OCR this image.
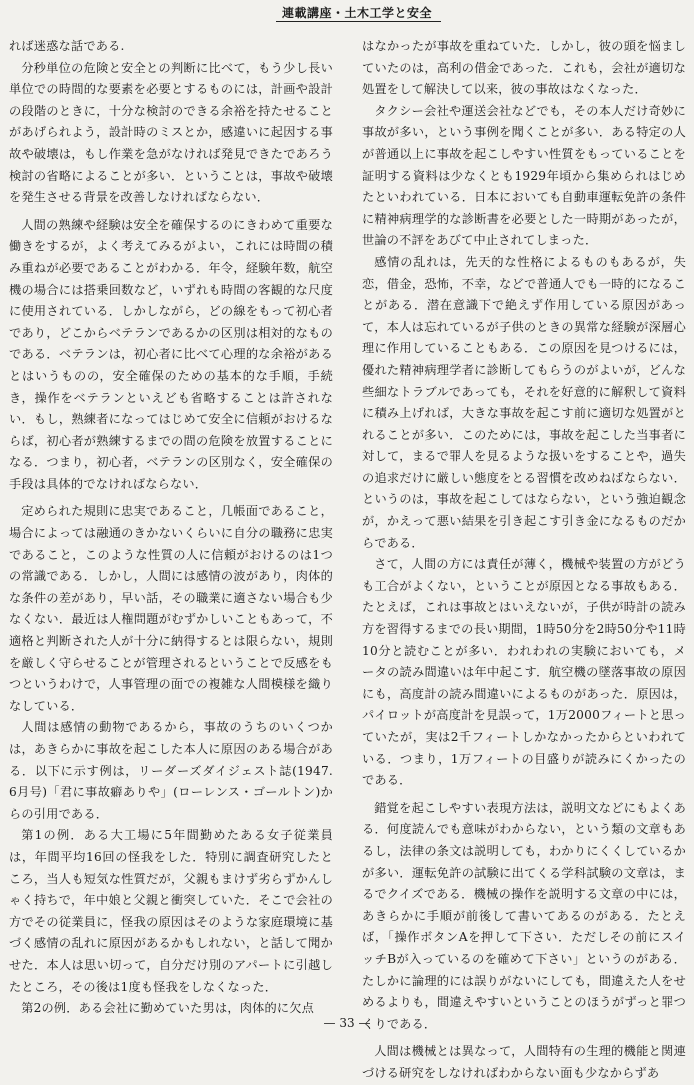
連載講座・土木工学と安全

れば迷惑な話である.

分秒単位の危険と安全との判断に比べて，もう少し長い単位での時間的な要素を必要とするものには，計画や設計の段階のときに，十分な検討のできる余裕を持たせることがあげられよう，設計時のミスとか，感違いに起因する事故や破壊は，もし作業を急がなければ発見できたであろう検討の省略によることが多い．ということは，事故や破壊を発生させる背景を改善しなければならない．

人間の熟練や経験は安全を確保するのにきわめて重要な働きをするが，よく考えてみるがよい，これには時間の積み重ねが必要であることがわかる．年令，経験年数，航空機の場合には搭乗回数など，いずれも時間の客観的な尺度に使用されている．しかしながら，どの線をもって初心者であり，どこからベテランであるかの区別は相対的なものである．ベテランは，初心者に比べて心理的な余裕があるとはいうものの，安全確保のための基本的な手順，手続き，操作をベテランといえども省略することは許されない．もし，熟練者になってはじめて安全に信頼がおけるならば，初心者が熟練するまでの間の危険を放置することになる．つまり，初心者，ベテランの区別なく，安全確保の手段は具体的でなければならない．

定められた規則に忠実であること，几帳面であること，場合によっては融通のきかないくらいに自分の職務に忠実であること，このような性質の人に信頼がおけるのは1つの常識である．しかし，人間には感情の波があり，肉体的な条件の差があり，早い話，その職業に適さない場合も少なくない．最近は人権問題がむずかしいこともあって，不適格と判断された人が十分に納得するとは限らない，規則を厳しく守らせることが管理されるということで反感をもつというわけで，人事管理の面での複雑な人間模様を織りなしている．

人間は感情の動物であるから，事故のうちのいくつかは，あきらかに事故を起こした本人に原因のある場合がある．以下に示す例は，リーダーズダイジェスト誌(1947. 6月号)「君に事故癖ありや」(ローレンス・ゴールトン)からの引用である．

第1の例．ある大工場に5年間勤めたある女子従業員は，年間平均16回の怪我をした．特別に調査研究したところ，当人も短気な性質だが，父親もまけず劣らずかんしゃく持ちで，年中娘と父親と衝突していた．そこで会社の方でその従業員に，怪我の原因はそのような家庭環境に基づく感情の乱れに原因があるかもしれない，と話して聞かせた．本人は思い切って，自分だけ別のアパートに引越したところ，その後は1度も怪我をしなくなった．

第2の例．ある会社に勤めていた男は，肉体的に欠点

はなかったが事故を重ねていた．しかし，彼の頭を悩ましていたのは，高利の借金であった．これも，会社が適切な処置をして解決して以来，彼の事故はなくなった．

タクシー会社や運送会社などでも，その本人だけ奇妙に事故が多い，という事例を聞くことが多い．ある特定の人が普通以上に事故を起こしやすい性質をもっていることを証明する資料は少なくとも1929年頃から集められはじめたといわれている．日本においても自動車運転免許の条件に精神病理学的な診断書を必要とした一時期があったが，世論の不評をあびて中止されてしまった．

感情の乱れは，先天的な性格によるものもあるが，失恋，借金，恐怖，不幸，などで普通人でも一時的になることがある．潜在意識下で絶えず作用している原因があって，本人は忘れているが子供のときの異常な経験が深層心理に作用していることもある．この原因を見つけるには，優れた精神病理学者に診断してもらうのがよいが，どんな些細なトラブルであっても，それを好意的に解釈して資料に積み上げれば，大きな事故を起こす前に適切な処置がとれることが多い．このためには，事故を起こした当事者に対して，まるで罪人を見るような扱いをすることや，過失の追求だけに厳しい態度をとる習慣を改めねばならない．というのは，事故を起こしてはならない，という強迫観念が，かえって悪い結果を引き起こす引き金になるものだからである．

さて，人間の方には責任が薄く，機械や装置の方がどうも工合がよくない，ということが原因となる事故もある．たとえば，これは事故とはいえないが，子供が時計の読み方を習得するまでの長い期間，1時50分を2時50分や11時10分と読むことが多い．われわれの実験においても，メータの読み間違いは年中起こす．航空機の墜落事故の原因にも，高度計の読み間違いによるものがあった．原因は，パイロットが高度計を見誤って，1万2000フィートと思っていたが，実は2千フィートしかなかったからといわれている．つまり，1万フィートの目盛りが読みにくかったのである．

錯覚を起こしやすい表現方法は，説明文などにもよくある．何度読んでも意味がわからない，という類の文章もあるし，法律の条文は説明しても，わかりにくくしているかが多い．運転免許の試験に出てくる学科試験の文章は，まるでクイズである．機械の操作を説明する文章の中には，あきらかに手順が前後して書いてあるのがある．たとえば，「操作ボタンAを押して下さい．ただしその前にスイッチBが入っているのを確めて下さい」というのがある．たしかに論理的には誤りがないにしても，間違えた人をせめるよりも，間違えやすいということのほうがずっと罪つくりである．

人間は機械とは異なって，人間特有の生理的機能と関連づける研究をしなければわからない面も少なからずあ

— 33 —
